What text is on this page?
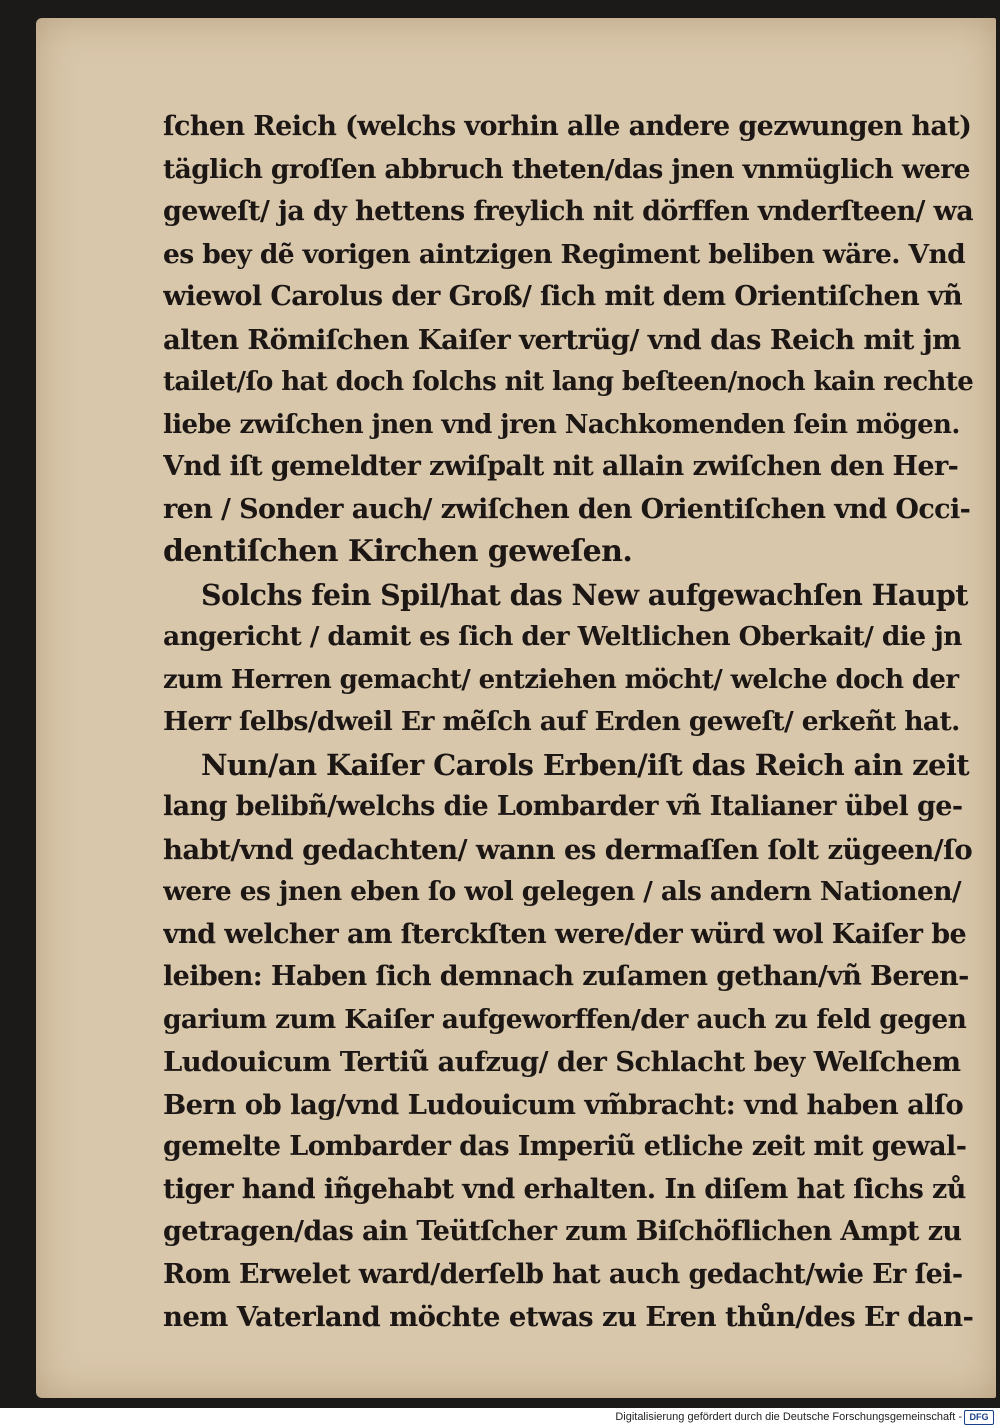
ſchen Reich (welchs vorhin alle andere gezwungen hat)
täglich groſſen abbruch theten/das jnen vnmüglich were
geweſt/ ja dy hettens freylich nit dörffen vnderſteen/ wa
es bey dẽ vorigen aintzigen Regiment beliben wäre. Vnd
wiewol Carolus der Groß/ ſich mit dem Orientiſchen vñ
alten Römiſchen Kaiſer vertrüg/ vnd das Reich mit jm
tailet/ſo hat doch ſolchs nit lang beſteen/noch kain rechte
liebe zwiſchen jnen vnd jren Nachkomenden ſein mögen.
Vnd iſt gemeldter zwiſpalt nit allain zwiſchen den Her-
ren / Sonder auch/ zwiſchen den Orientiſchen vnd Occi-
dentiſchen Kirchen geweſen.
Solchs fein Spil/hat das New aufgewachſen Haupt
angericht / damit es ſich der Weltlichen Oberkait/ die jn
zum Herren gemacht/ entziehen möcht/ welche doch der
Herr ſelbs/dweil Er mẽſch auf Erden geweſt/ erkeñt hat.
Nun/an Kaiſer Carols Erben/iſt das Reich ain zeit
lang belibñ/welchs die Lombarder vñ Italianer übel ge-
habt/vnd gedachten/ wann es dermaſſen ſolt zügeen/ſo
were es jnen eben ſo wol gelegen / als andern Nationen/
vnd welcher am ſterckſten were/der würd wol Kaiſer be
leiben: Haben ſich demnach zuſamen gethan/vñ Beren-
garium zum Kaiſer aufgeworffen/der auch zu feld gegen
Ludouicum Tertiũ aufzug/ der Schlacht bey Welſchem
Bern ob lag/vnd Ludouicum vm̃bracht: vnd haben alſo
gemelte Lombarder das Imperiũ etliche zeit mit gewal-
tiger hand iñgehabt vnd erhalten. In diſem hat ſichs zů
getragen/das ain Teütſcher zum Biſchöflichen Ampt zu
Rom Erwelet ward/derſelb hat auch gedacht/wie Er ſei-
nem Vaterland möchte etwas zu Eren thůn/des Er dan-
Digitalisierung gefördert durch die Deutsche Forschungsgemeinschaft - DFG
